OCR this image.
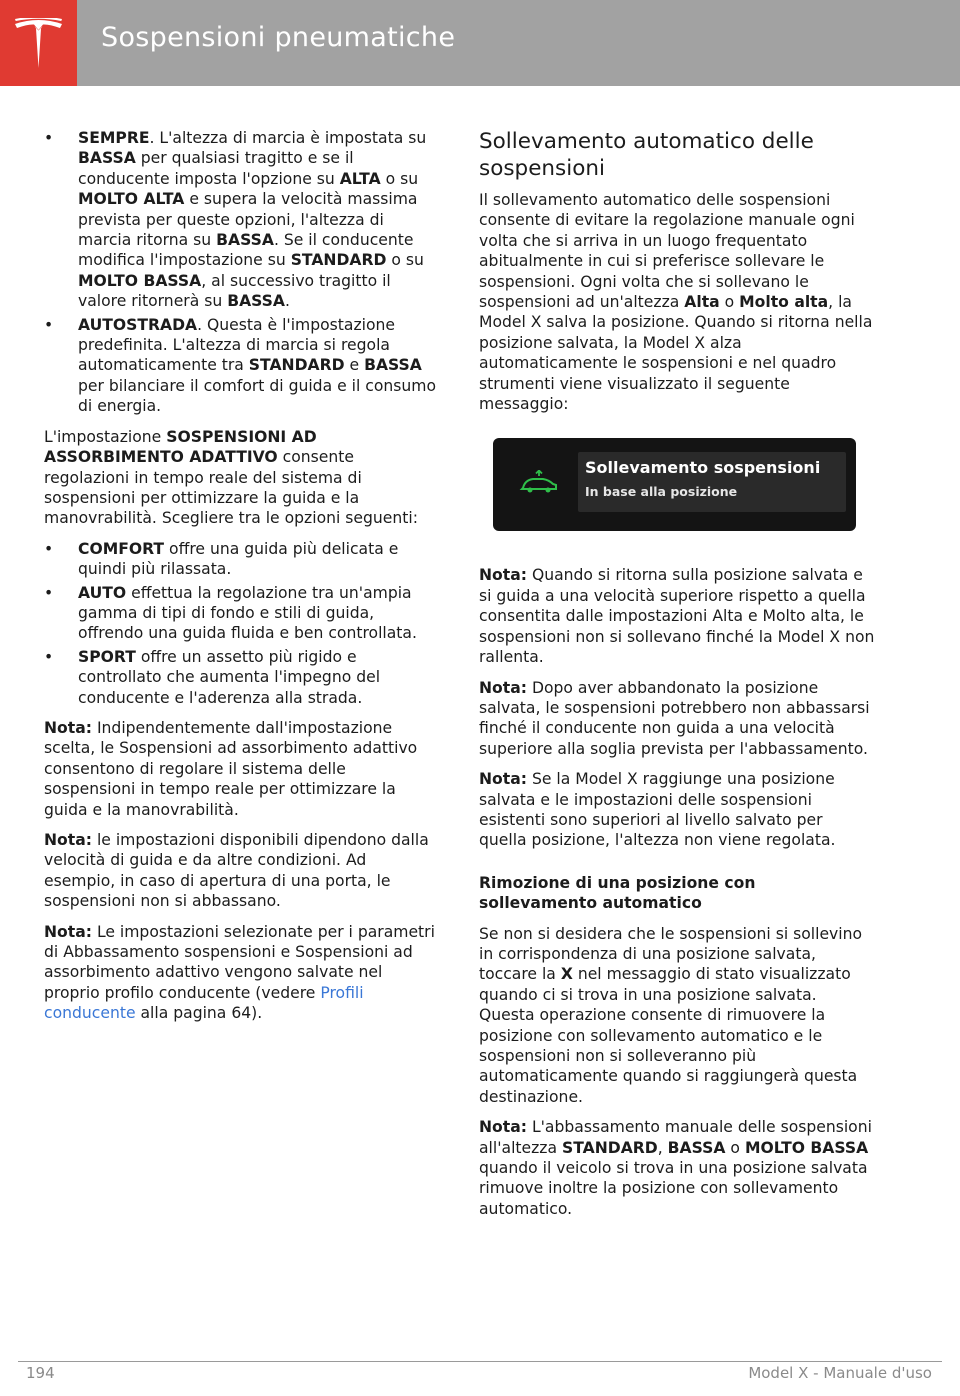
Sospensioni pneumatiche
• SEMPRE. L'altezza di marcia è impostata su BASSA per qualsiasi tragitto e se il conducente imposta l'opzione su ALTA o su MOLTO ALTA e supera la velocità massima prevista per queste opzioni, l'altezza di marcia ritorna su BASSA. Se il conducente modifica l'impostazione su STANDARD o su MOLTO BASSA, al successivo tragitto il valore ritornerà su BASSA.
• AUTOSTRADA. Questa è l'impostazione predefinita. L'altezza di marcia si regola automaticamente tra STANDARD e BASSA per bilanciare il comfort di guida e il consumo di energia.

L'impostazione SOSPENSIONI AD ASSORBIMENTO ADATTIVO consente regolazioni in tempo reale del sistema di sospensioni per ottimizzare la guida e la manovrabilità. Scegliere tra le opzioni seguenti:

• COMFORT offre una guida più delicata e quindi più rilassata.
• AUTO effettua la regolazione tra un'ampia gamma di tipi di fondo e stili di guida, offrendo una guida fluida e ben controllata.
• SPORT offre un assetto più rigido e controllato che aumenta l'impegno del conducente e l'aderenza alla strada.

Nota: Indipendentemente dall'impostazione scelta, le Sospensioni ad assorbimento adattivo consentono di regolare il sistema delle sospensioni in tempo reale per ottimizzare la guida e la manovrabilità.

Nota: le impostazioni disponibili dipendono dalla velocità di guida e da altre condizioni. Ad esempio, in caso di apertura di una porta, le sospensioni non si abbassano.

Nota: Le impostazioni selezionate per i parametri di Abbassamento sospensioni e Sospensioni ad assorbimento adattivo vengono salvate nel proprio profilo conducente (vedere Profili conducente alla pagina 64).

Sollevamento automatico delle sospensioni

Il sollevamento automatico delle sospensioni consente di evitare la regolazione manuale ogni volta che si arriva in un luogo frequentato abitualmente in cui si preferisce sollevare le sospensioni. Ogni volta che si sollevano le sospensioni ad un'altezza Alta o Molto alta, la Model X salva la posizione. Quando si ritorna nella posizione salvata, la Model X alza automaticamente le sospensioni e nel quadro strumenti viene visualizzato il seguente messaggio:

Sollevamento sospensioni
In base alla posizione

Nota: Quando si ritorna sulla posizione salvata e si guida a una velocità superiore rispetto a quella consentita dalle impostazioni Alta e Molto alta, le sospensioni non si sollevano finché la Model X non rallenta.

Nota: Dopo aver abbandonato la posizione salvata, le sospensioni potrebbero non abbassarsi finché il conducente non guida a una velocità superiore alla soglia prevista per l'abbassamento.

Nota: Se la Model X raggiunge una posizione salvata e le impostazioni delle sospensioni esistenti sono superiori al livello salvato per quella posizione, l'altezza non viene regolata.

Rimozione di una posizione con sollevamento automatico

Se non si desidera che le sospensioni si sollevino in corrispondenza di una posizione salvata, toccare la X nel messaggio di stato visualizzato quando ci si trova in una posizione salvata. Questa operazione consente di rimuovere la posizione con sollevamento automatico e le sospensioni non si solleveranno più automaticamente quando si raggiungerà questa destinazione.

Nota: L'abbassamento manuale delle sospensioni all'altezza STANDARD, BASSA o MOLTO BASSA quando il veicolo si trova in una posizione salvata rimuove inoltre la posizione con sollevamento automatico.

194	Model X - Manuale d'uso
